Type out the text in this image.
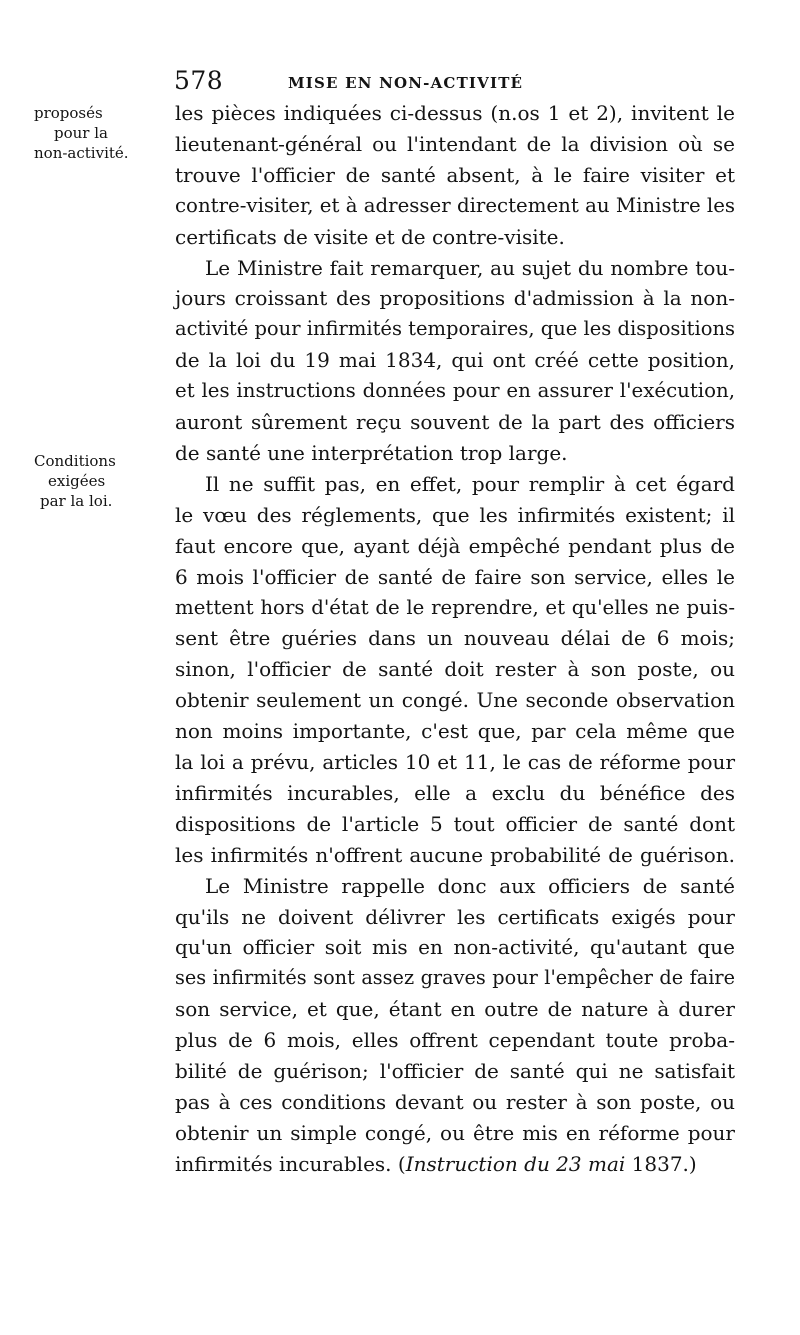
578	MISE EN NON-ACTIVITÉ
proposés
pour la
non-activité.
Conditions
exigées
par la loi.
les pièces indiquées ci-dessus (n.os 1 et 2), invitent le
lieutenant-général ou l'intendant de la division où se
trouve l'officier de santé absent, à le faire visiter et
contre-visiter, et à adresser directement au Ministre les
certificats de visite et de contre-visite.
Le Ministre fait remarquer, au sujet du nombre tou-
jours croissant des propositions d'admission à la non-
activité pour infirmités temporaires, que les dispositions
de la loi du 19 mai 1834, qui ont créé cette position,
et les instructions données pour en assurer l'exécution,
auront sûrement reçu souvent de la part des officiers
de santé une interprétation trop large.
Il ne suffit pas, en effet, pour remplir à cet égard
le vœu des réglements, que les infirmités existent; il
faut encore que, ayant déjà empêché pendant plus de
6 mois l'officier de santé de faire son service, elles le
mettent hors d'état de le reprendre, et qu'elles ne puis-
sent être guéries dans un nouveau délai de 6 mois;
sinon, l'officier de santé doit rester à son poste, ou
obtenir seulement un congé. Une seconde observation
non moins importante, c'est que, par cela même que
la loi a prévu, articles 10 et 11, le cas de réforme pour
infirmités incurables, elle a exclu du bénéfice des
dispositions de l'article 5 tout officier de santé dont
les infirmités n'offrent aucune probabilité de guérison.
Le Ministre rappelle donc aux officiers de santé
qu'ils ne doivent délivrer les certificats exigés pour
qu'un officier soit mis en non-activité, qu'autant que
ses infirmités sont assez graves pour l'empêcher de faire
son service, et que, étant en outre de nature à durer
plus de 6 mois, elles offrent cependant toute proba-
bilité de guérison; l'officier de santé qui ne satisfait
pas à ces conditions devant ou rester à son poste, ou
obtenir un simple congé, ou être mis en réforme pour
infirmités incurables. (Instruction du 23 mai 1837.)
